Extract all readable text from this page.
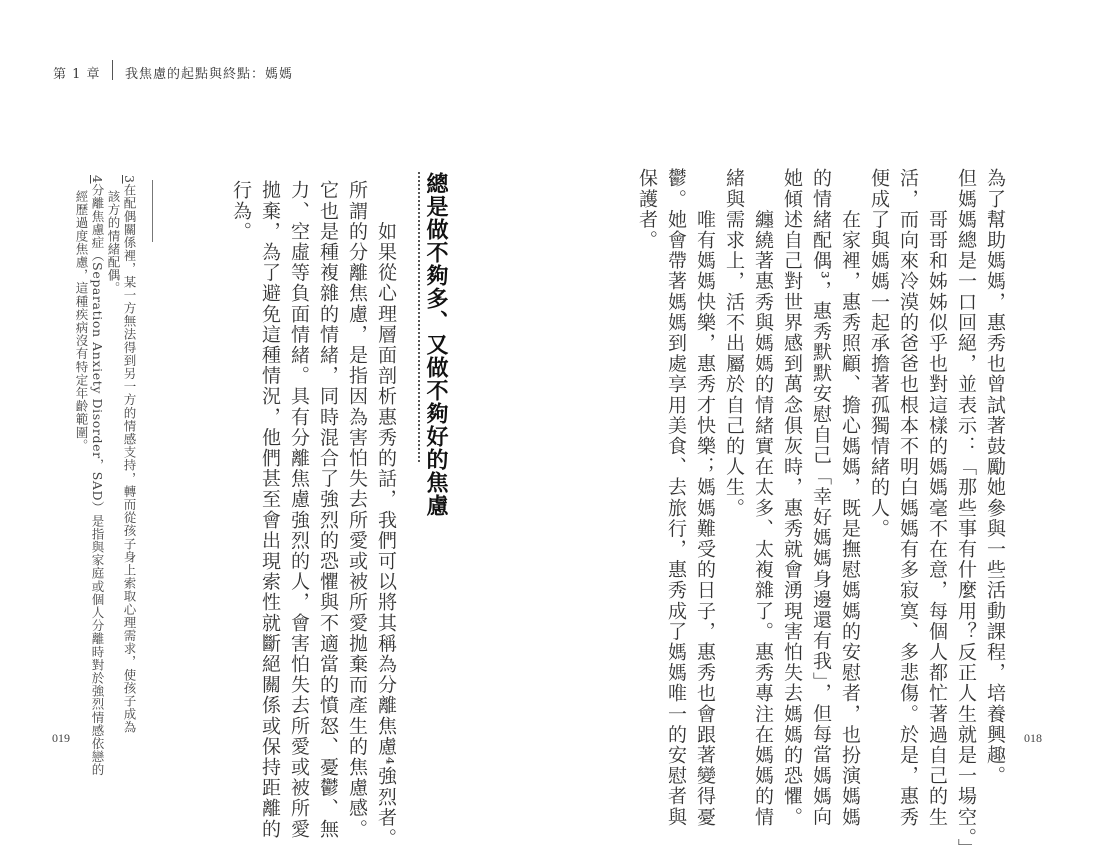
第 1 章 我焦慮的起點與終點：媽媽
為了幫助媽媽，惠秀也曾試著鼓勵她參與一些活動課程，培養興趣。
但媽媽總是一口回絕，並表示：「那些事有什麼用？反正人生就是一場空。」
　　哥哥和姊姊似乎也對這樣的媽媽毫不在意，每個人都忙著過自己的生
活，而向來冷漠的爸爸也根本不明白媽媽有多寂寞、多悲傷。於是，惠秀
便成了與媽媽一起承擔著孤獨情緒的人。
　　在家裡，惠秀照顧、擔心媽媽，既是撫慰媽媽的安慰者，也扮演媽媽
的情緒配偶³，惠秀默默安慰自己「幸好媽媽身邊還有我」，但每當媽媽向
她傾述自己對世界感到萬念俱灰時，惠秀就會湧現害怕失去媽媽的恐懼。
　　纏繞著惠秀與媽媽的情緒實在太多、太複雜了。惠秀專注在媽媽的情
緒與需求上，活不出屬於自己的人生。
　　唯有媽媽快樂，惠秀才快樂；媽媽難受的日子，惠秀也會跟著變得憂
鬱。她會帶著媽媽到處享用美食、去旅行，惠秀成了媽媽唯一的安慰者與
保護者。
總是做不夠多、又做不夠好的焦慮
　　如果從心理層面剖析惠秀的話，我們可以將其稱為分離焦慮⁴強烈者。
所謂的分離焦慮，是指因為害怕失去所愛或被所愛拋棄而產生的焦慮感。
它也是種複雜的情緒，同時混合了強烈的恐懼與不適當的憤怒、憂鬱、無
力、空虛等負面情緒。具有分離焦慮強烈的人，會害怕失去所愛或被所愛
拋棄，為了避免這種情況，他們甚至會出現索性就斷絕關係或保持距離的
行為。
3在配偶關係裡，某一方無法得到另一方的情感支持，轉而從孩子身上索取心理需求，使孩子成為
該方的情緒配偶。
4分離焦慮症（Separation Anxiety Disorder，SAD）是指與家庭或個人分離時對於強烈情感依戀的
經歷過度焦慮，這種疾病沒有特定年齡範圍。
019	018
